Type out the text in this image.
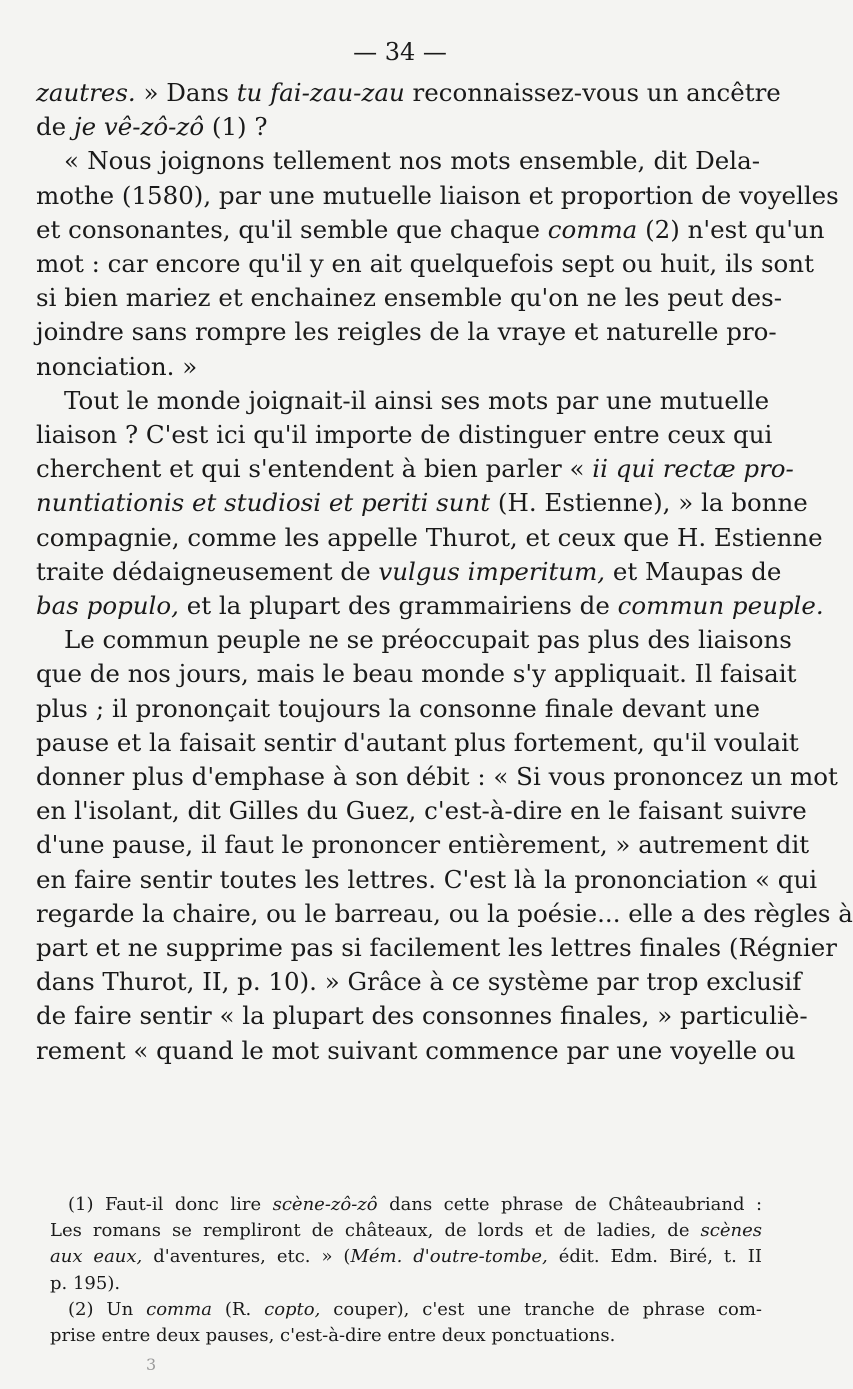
— 34 —
zautres. » Dans tu fai-zau-zau reconnaissez-vous un ancêtre
de je vê-zô-zô (1) ?
« Nous joignons tellement nos mots ensemble, dit Dela-
mothe (1580), par une mutuelle liaison et proportion de voyelles
et consonantes, qu'il semble que chaque comma (2) n'est qu'un
mot : car encore qu'il y en ait quelquefois sept ou huit, ils sont
si bien mariez et enchainez ensemble qu'on ne les peut des-
joindre sans rompre les reigles de la vraye et naturelle pro-
nonciation. »
Tout le monde joignait-il ainsi ses mots par une mutuelle
liaison ? C'est ici qu'il importe de distinguer entre ceux qui
cherchent et qui s'entendent à bien parler « ii qui rectæ pro-
nuntiationis et studiosi et periti sunt (H. Estienne), » la bonne
compagnie, comme les appelle Thurot, et ceux que H. Estienne
traite dédaigneusement de vulgus imperitum, et Maupas de
bas populo, et la plupart des grammairiens de commun peuple.
Le commun peuple ne se préoccupait pas plus des liaisons
que de nos jours, mais le beau monde s'y appliquait. Il faisait
plus ; il prononçait toujours la consonne finale devant une
pause et la faisait sentir d'autant plus fortement, qu'il voulait
donner plus d'emphase à son débit : « Si vous prononcez un mot
en l'isolant, dit Gilles du Guez, c'est-à-dire en le faisant suivre
d'une pause, il faut le prononcer entièrement, » autrement dit
en faire sentir toutes les lettres. C'est là la prononciation « qui
regarde la chaire, ou le barreau, ou la poésie... elle a des règles à
part et ne supprime pas si facilement les lettres finales (Régnier
dans Thurot, II, p. 10). » Grâce à ce système par trop exclusif
de faire sentir « la plupart des consonnes finales, » particuliè-
rement « quand le mot suivant commence par une voyelle ou
(1) Faut-il donc lire scène-zô-zô dans cette phrase de Châteaubriand :
Les romans se rempliront de châteaux, de lords et de ladies, de scènes
aux eaux, d'aventures, etc. » (Mém. d'outre-tombe, édit. Edm. Biré, t. II
p. 195).
(2) Un comma (R. copto, couper), c'est une tranche de phrase com-
prise entre deux pauses, c'est-à-dire entre deux ponctuations.
3
